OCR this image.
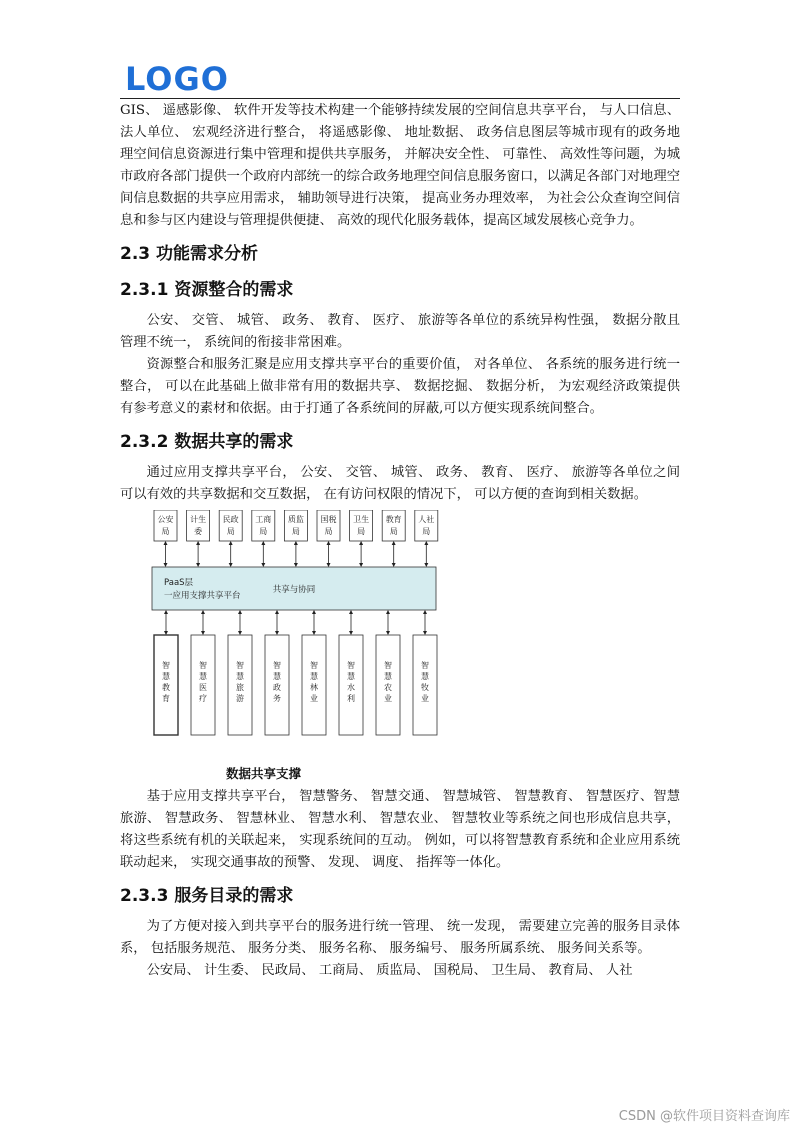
LOGO

GIS、 遥感影像、 软件开发等技术构建一个能够持续发展的空间信息共享平台， 与人口信息、 法人单位、 宏观经济进行整合， 将遥感影像、 地址数据、 政务信息图层等城市现有的政务地理空间信息资源进行集中管理和提供共享服务， 并解决安全性、 可靠性、 高效性等问题，为城市政府各部门提供一个政府内部统一的综合政务地理空间信息服务窗口，以满足各部门对地理空间信息数据的共享应用需求， 辅助领导进行决策， 提高业务办理效率， 为社会公众查询空间信息和参与区内建设与管理提供便捷、 高效的现代化服务载体，提高区域发展核心竞争力。

2.3 功能需求分析
2.3.1 资源整合的需求

公安、 交管、 城管、 政务、 教育、 医疗、 旅游等各单位的系统异构性强， 数据分散且管理不统一， 系统间的衔接非常困难。

资源整合和服务汇聚是应用支撑共享平台的重要价值， 对各单位、 各系统的服务进行统一整合， 可以在此基础上做非常有用的数据共享、 数据挖掘、 数据分析， 为宏观经济政策提供有参考意义的素材和依据。由于打通了各系统间的屏蔽,可以方便实现系统间整合。

2.3.2 数据共享的需求

通过应用支撑共享平台， 公安、 交管、 城管、 政务、 教育、 医疗、 旅游等各单位之间可以有效的共享数据和交互数据， 在有访问权限的情况下， 可以方便的查询到相关数据。

公安
局
计生
委
民政
局
工商
局
质监
局
国税
局
卫生
局
教育
局
人社
局
PaaS层
一应用支撑共享平台
共享与协同
智
慧
教
育
智
慧
医
疗
智
慧
旅
游
智
慧
政
务
智
慧
林
业
智
慧
水
利
智
慧
农
业
智
慧
牧
业
数据共享支撑

基于应用支撑共享平台， 智慧警务、 智慧交通、 智慧城管、 智慧教育、 智慧医疗、智慧旅游、 智慧政务、 智慧林业、 智慧水利、 智慧农业、 智慧牧业等系统之间也形成信息共享， 将这些系统有机的关联起来， 实现系统间的互动。 例如，可以将智慧教育系统和企业应用系统联动起来， 实现交通事故的预警、 发现、 调度、 指挥等一体化。

2.3.3 服务目录的需求

为了方便对接入到共享平台的服务进行统一管理、 统一发现， 需要建立完善的服务目录体系， 包括服务规范、 服务分类、 服务名称、 服务编号、 服务所属系统、 服务间关系等。

公安局、 计生委、 民政局、 工商局、 质监局、 国税局、 卫生局、 教育局、 人社

CSDN @软件项目资料查询库
